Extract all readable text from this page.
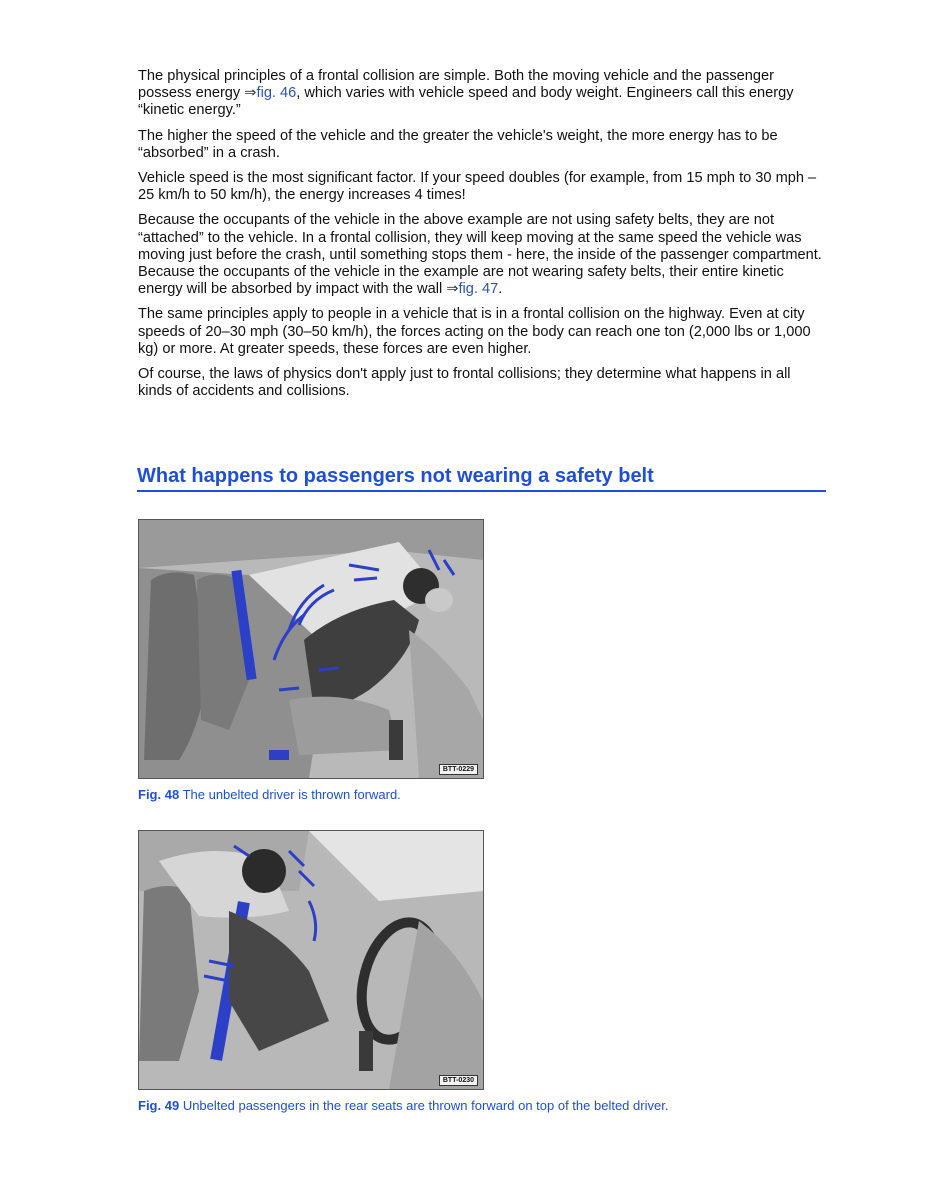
The physical principles of a frontal collision are simple. Both the moving vehicle and the passenger possess energy ⇒fig. 46, which varies with vehicle speed and body weight. Engineers call this energy “kinetic energy.”

The higher the speed of the vehicle and the greater the vehicle's weight, the more energy has to be “absorbed” in a crash.

Vehicle speed is the most significant factor. If your speed doubles (for example, from 15 mph to 30 mph – 25 km/h to 50 km/h), the energy increases 4 times!

Because the occupants of the vehicle in the above example are not using safety belts, they are not “attached” to the vehicle. In a frontal collision, they will keep moving at the same speed the vehicle was moving just before the crash, until something stops them - here, the inside of the passenger compartment. Because the occupants of the vehicle in the example are not wearing safety belts, their entire kinetic energy will be absorbed by impact with the wall ⇒fig. 47.

The same principles apply to people in a vehicle that is in a frontal collision on the highway. Even at city speeds of 20–30 mph (30–50 km/h), the forces acting on the body can reach one ton (2,000 lbs or 1,000 kg) or more. At greater speeds, these forces are even higher.

Of course, the laws of physics don't apply just to frontal collisions; they determine what happens in all kinds of accidents and collisions.

What happens to passengers not wearing a safety belt
BTT-0229
Fig. 48 The unbelted driver is thrown forward.
BTT-0230
Fig. 49 Unbelted passengers in the rear seats are thrown forward on top of the belted driver.
